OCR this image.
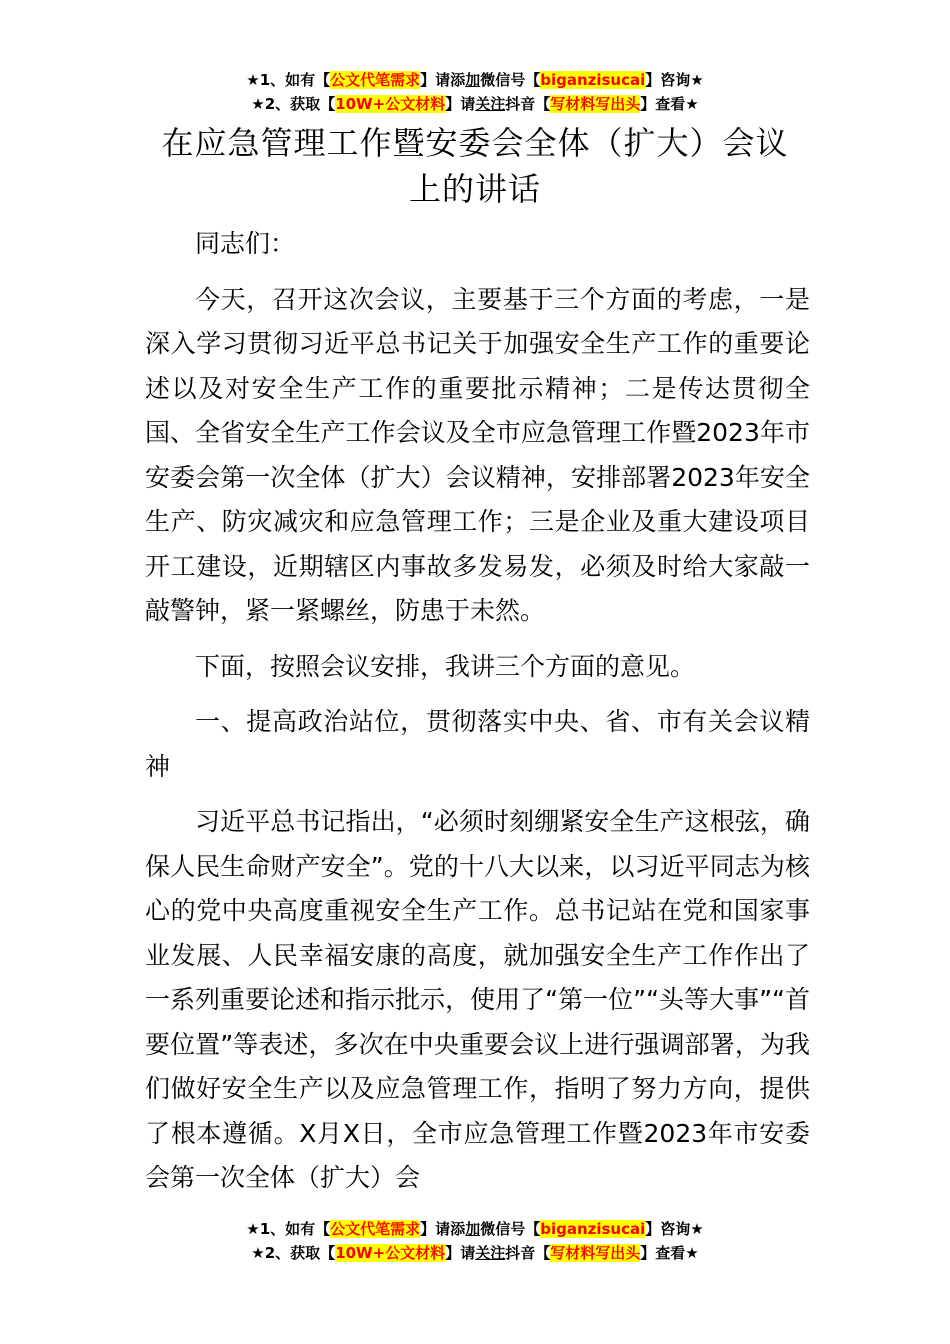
★1、如有【公文代笔需求】请添加微信号【biganzisucai】咨询★
★2、获取【10W+公文材料】请关注抖音【写材料写出头】查看★
在应急管理工作暨安委会全体（扩大）会议
上的讲话

同志们：

今天，召开这次会议，主要基于三个方面的考虑，一是深入学习贯彻习近平总书记关于加强安全生产工作的重要论述以及对安全生产工作的重要批示精神；二是传达贯彻全国、全省安全生产工作会议及全市应急管理工作暨2023年市安委会第一次全体（扩大）会议精神，安排部署2023年安全生产、防灾减灾和应急管理工作；三是企业及重大建设项目开工建设，近期辖区内事故多发易发，必须及时给大家敲一敲警钟，紧一紧螺丝，防患于未然。

下面，按照会议安排，我讲三个方面的意见。

一、提高政治站位，贯彻落实中央、省、市有关会议精神

习近平总书记指出，“必须时刻绷紧安全生产这根弦，确保人民生命财产安全”。党的十八大以来，以习近平同志为核心的党中央高度重视安全生产工作。总书记站在党和国家事业发展、人民幸福安康的高度，就加强安全生产工作作出了一系列重要论述和指示批示，使用了“第一位”“头等大事”“首要位置”等表述，多次在中央重要会议上进行强调部署，为我们做好安全生产以及应急管理工作，指明了努力方向，提供了根本遵循。X月X日，全市应急管理工作暨2023年市安委会第一次全体（扩大）会

★1、如有【公文代笔需求】请添加微信号【biganzisucai】咨询★
★2、获取【10W+公文材料】请关注抖音【写材料写出头】查看★
